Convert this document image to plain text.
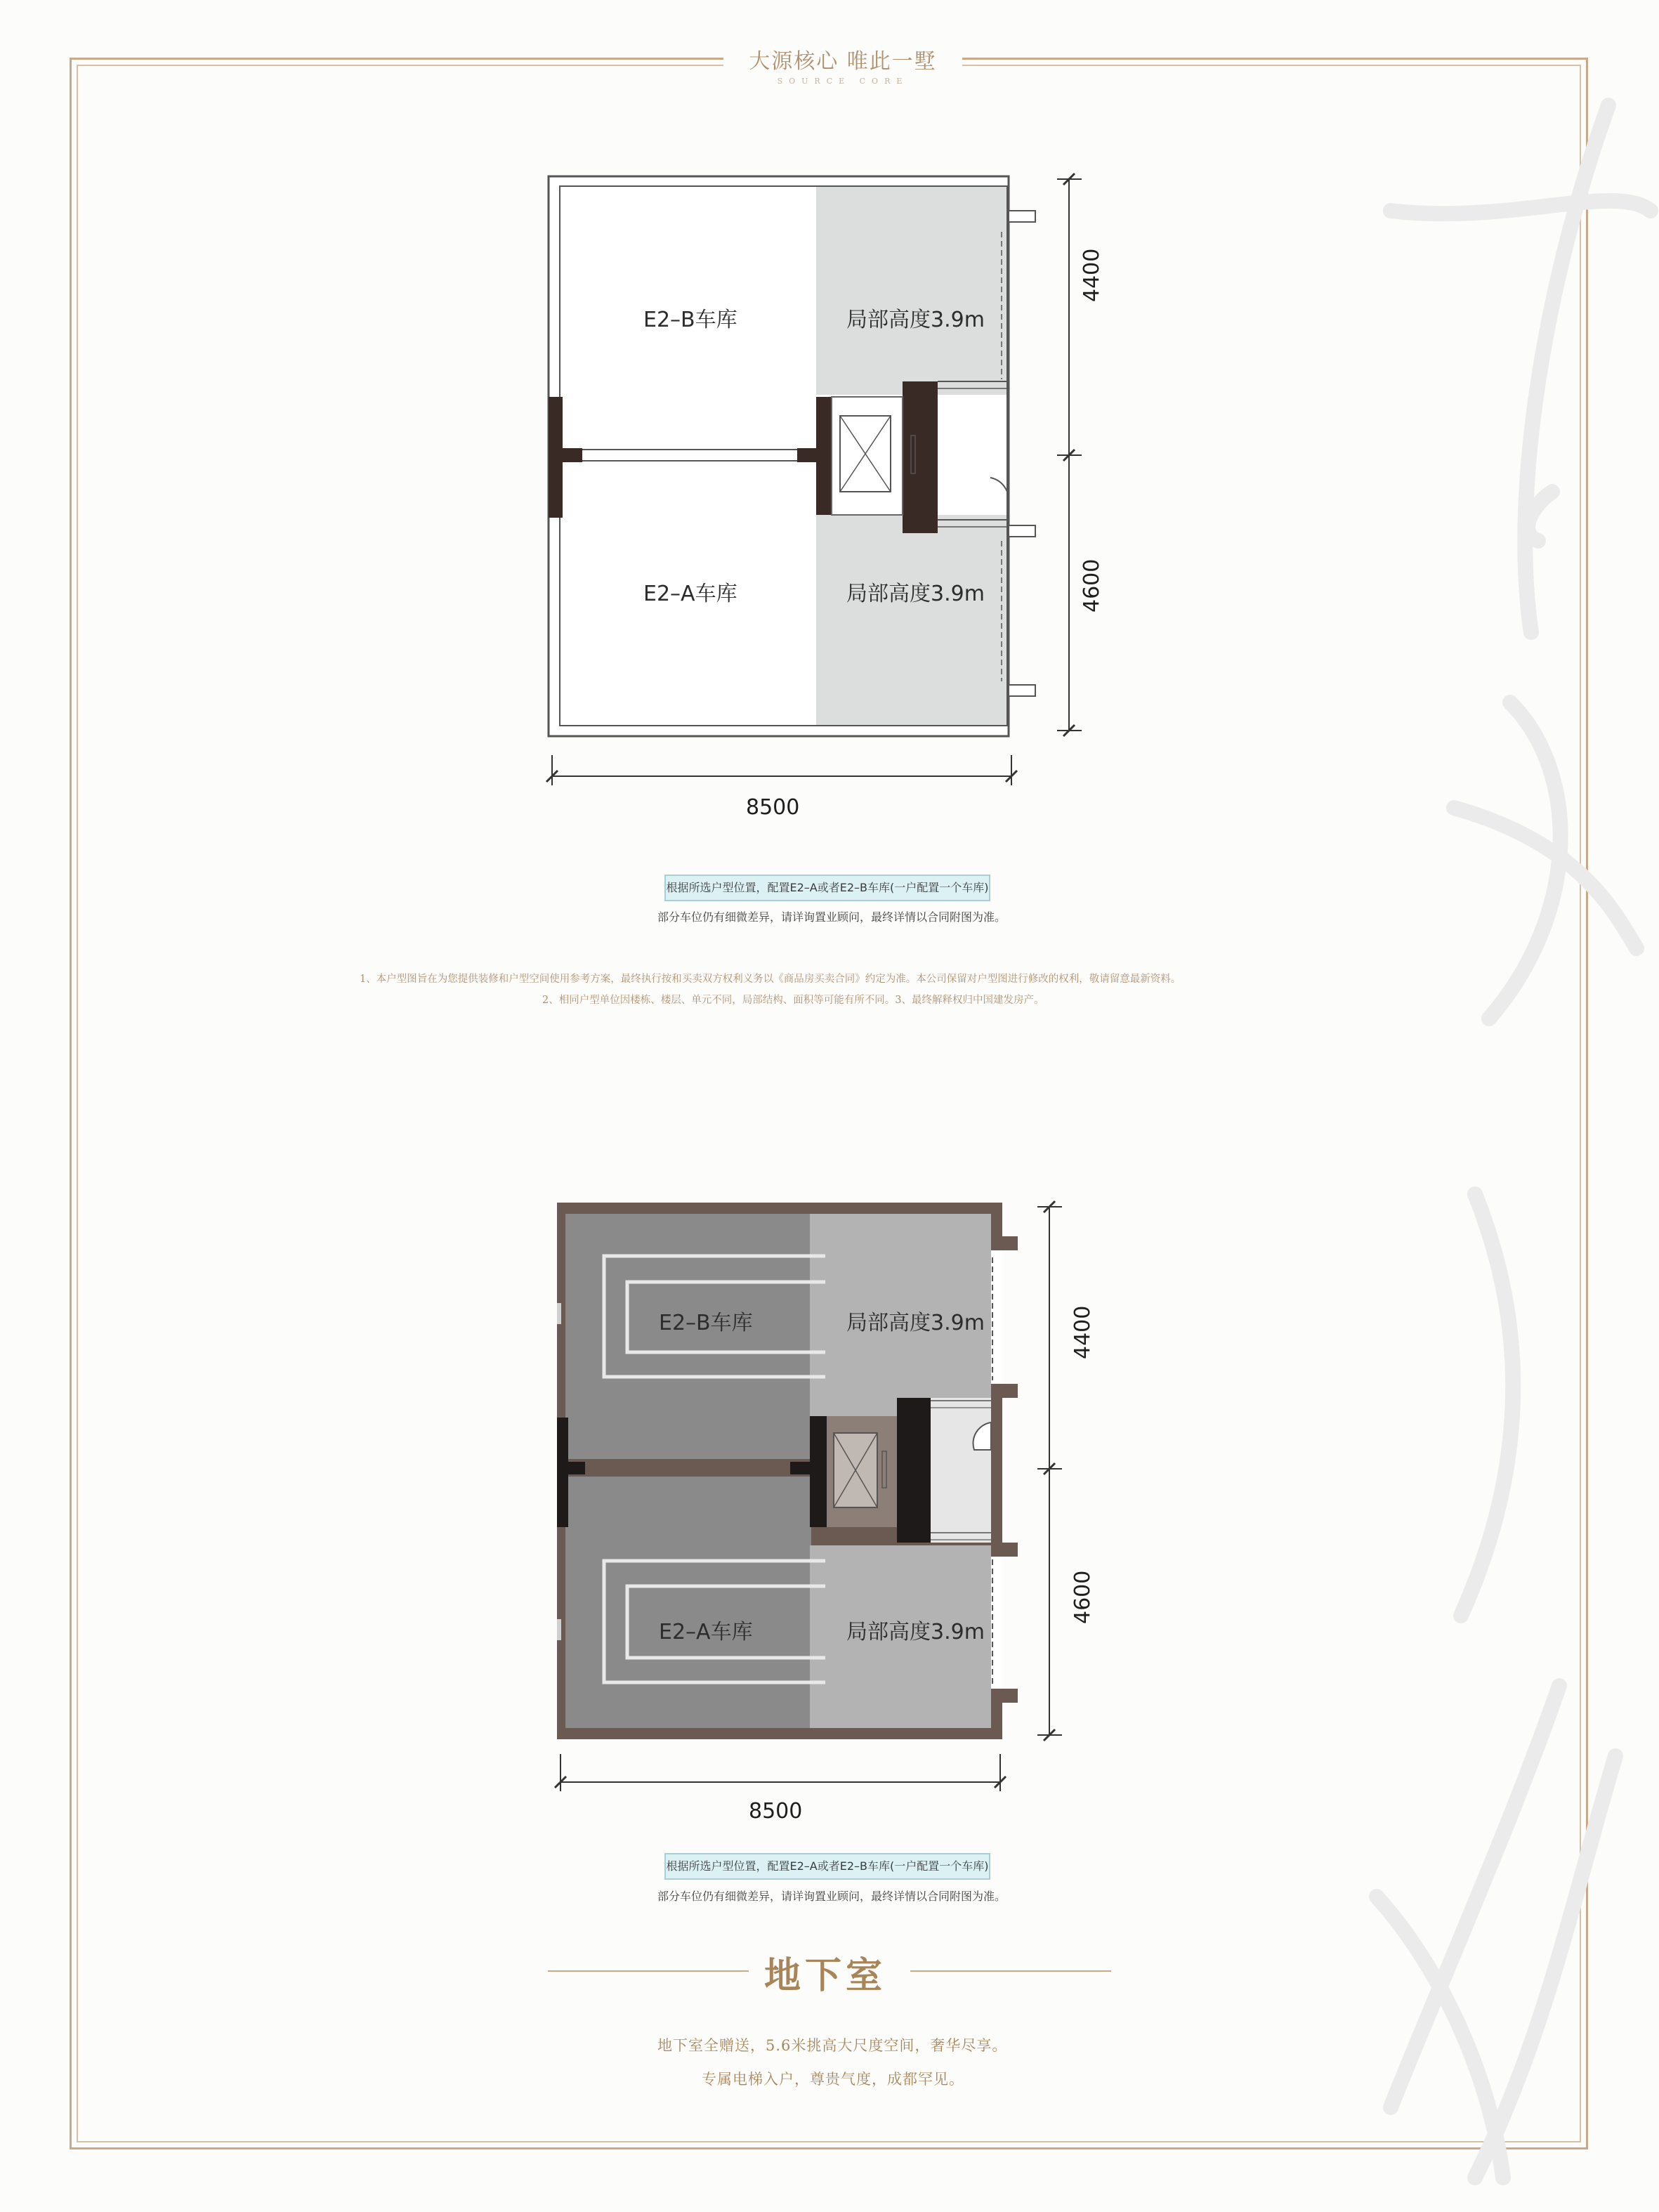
大源核心 唯此一墅
SOURCE CORE
E2–B车库	局部高度3.9m
E2–A车库	局部高度3.9m
4400
4600
8500
根据所选户型位置，配置E2–A或者E2–B车库(一户配置一个车库)
部分车位仍有细微差异，请详询置业顾问，最终详情以合同附图为准。
1、本户型图旨在为您提供装修和户型空间使用参考方案，最终执行按和买卖双方权利义务以《商品房买卖合同》约定为准。本公司保留对户型图进行修改的权利，敬请留意最新资料。
2、相同户型单位因楼栋、楼层、单元不同，局部结构、面积等可能有所不同。3、最终解释权归中国建发房产。
E2–B车库	局部高度3.9m
E2–A车库	局部高度3.9m
4400
4600
8500
根据所选户型位置，配置E2–A或者E2–B车库(一户配置一个车库)
部分车位仍有细微差异，请详询置业顾问，最终详情以合同附图为准。
地下室
地下室全赠送，5.6米挑高大尺度空间，奢华尽享。
专属电梯入户，尊贵气度，成都罕见。
